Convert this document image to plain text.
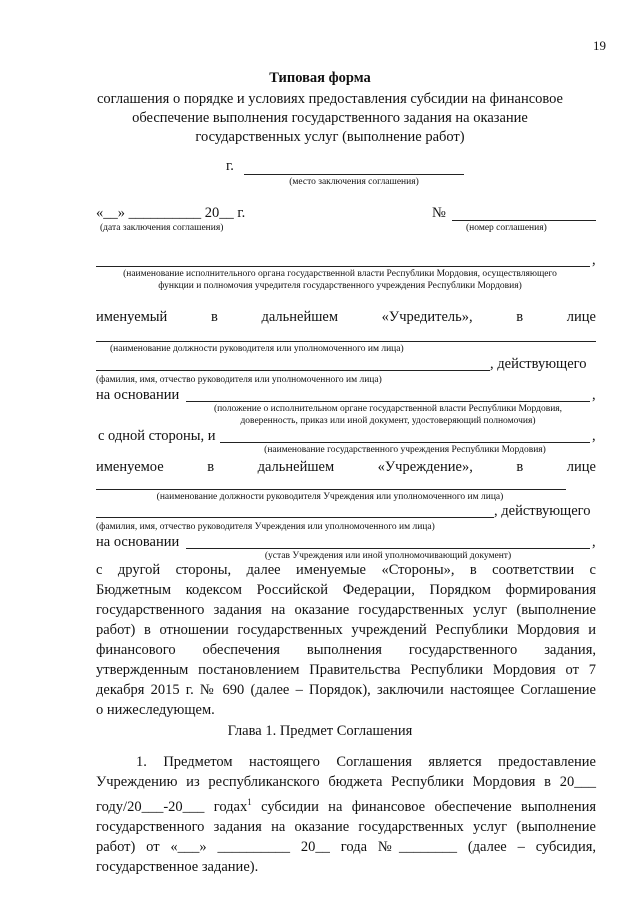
19
Типовая форма
соглашения о порядке и условиях предоставления субсидии на финансовое обеспечение выполнения государственного задания на оказание государственных услуг (выполнение работ)
г.
(место заключения соглашения)
«__» __________ 20__ г.
(дата заключения соглашения)
№
(номер соглашения)
,
(наименование исполнительного органа государственной власти Республики Мордовия, осуществляющего функции и полномочия учредителя государственного учреждения Республики Мордовия)
именуемый	в	дальнейшем	«Учредитель»,	в	лице
(наименование должности руководителя или уполномоченного им лица)
, действующего
(фамилия, имя, отчество руководителя или уполномоченного им лица)
на основании	,
(положение о исполнительном органе государственной власти Республики Мордовия, доверенность, приказ или иной документ, удостоверяющий полномочия)
с одной стороны, и	,
(наименование государственного учреждения Республики Мордовия)
именуемое	в	дальнейшем	«Учреждение»,	в	лице
(наименование должности руководителя Учреждения или уполномоченного им лица)
, действующего
(фамилия, имя, отчество руководителя Учреждения или уполномоченного им лица)
на основании	,
(устав Учреждения или иной уполномочивающий документ)
с другой стороны, далее именуемые «Стороны», в соответствии с
Бюджетным кодексом Российской Федерации, Порядком формирования
государственного задания на оказание государственных услуг (выполнение
работ) в отношении государственных учреждений Республики Мордовия и
финансового обеспечения выполнения государственного задания,
утвержденным постановлением Правительства Республики Мордовия от 7
декабря 2015 г. № 690 (далее – Порядок), заключили настоящее Соглашение
о нижеследующем.
Глава 1. Предмет Соглашения
1. Предметом настоящего Соглашения является предоставление
Учреждению из республиканского бюджета Республики Мордовия в 20___
году/20___-20___ годах$^1$ субсидии на финансовое обеспечение выполнения
государственного задания на оказание государственных услуг (выполнение
работ) от «___» __________ 20__ года №________ (далее – субсидия,
государственное задание).
